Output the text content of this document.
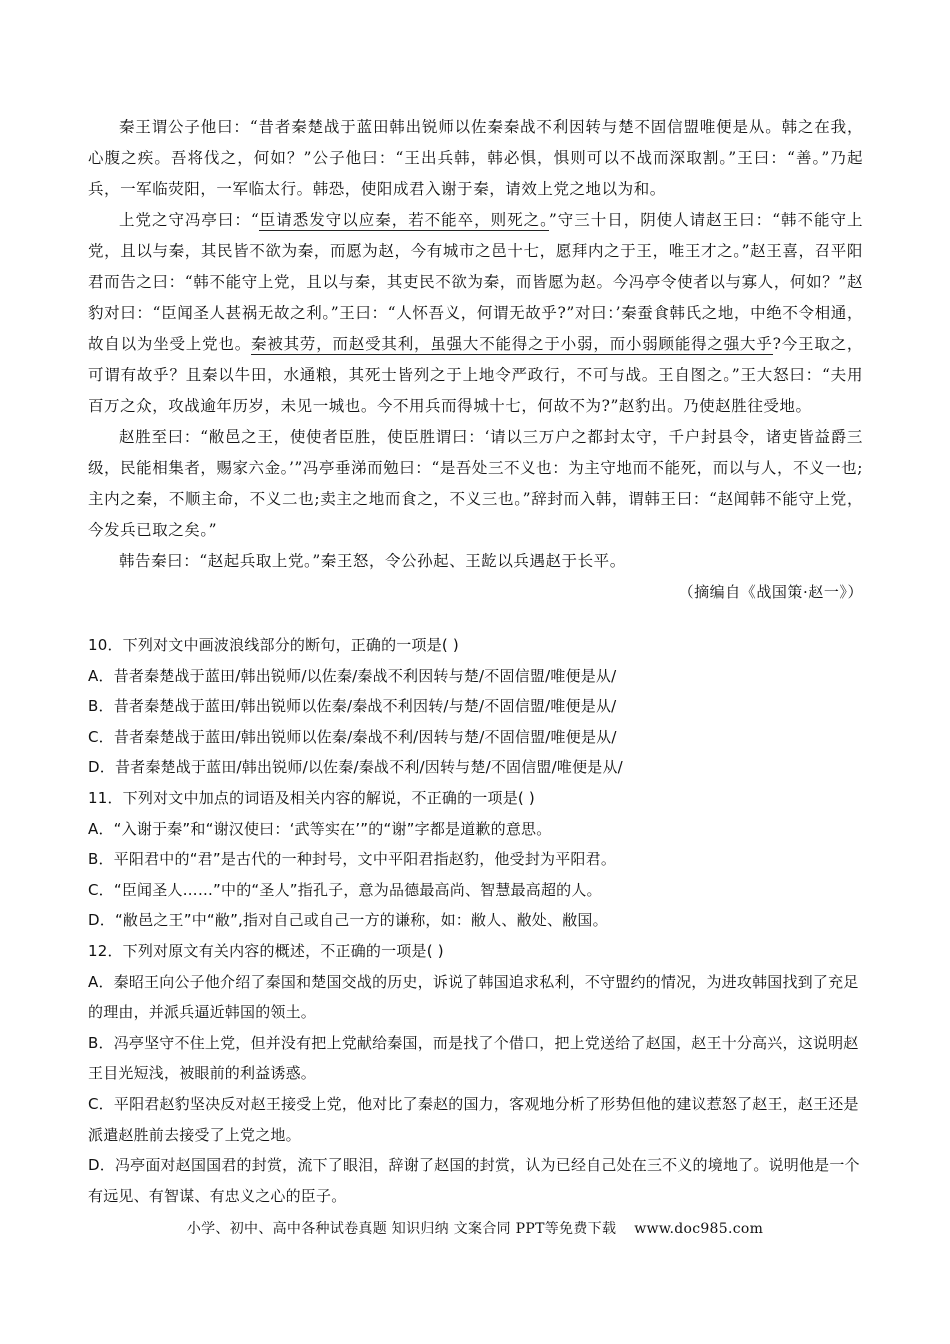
秦王谓公子他曰：“昔者秦楚战于蓝田韩出锐师以佐秦秦战不利因转与楚不固信盟唯便是从。韩之在我，心腹之疾。吾将伐之，何如？”公子他曰：“王出兵韩，韩必惧，惧则可以不战而深取割。”王曰：“善。”乃起兵，一军临荧阳，一军临太行。韩恐，使阳成君入谢于秦，请效上党之地以为和。

上党之守冯亭曰：“臣请悉发守以应秦，若不能卒，则死之。”守三十日，阴使人请赵王曰：“韩不能守上党，且以与秦，其民皆不欲为秦，而愿为赵，今有城市之邑十七，愿拜内之于王，唯王才之。”赵王喜，召平阳君而告之曰：“韩不能守上党，且以与秦，其吏民不欲为秦，而皆愿为赵。今冯亭令使者以与寡人，何如？”赵豹对曰：“臣闻圣人甚祸无故之利。”王曰：“人怀吾义，何谓无故乎?”对曰：’秦蚕食韩氏之地，中绝不令相通，故自以为坐受上党也。秦被其劳，而赵受其利，虽强大不能得之于小弱，而小弱顾能得之强大乎?今王取之，可谓有故乎？且秦以牛田，水通粮，其死士皆列之于上地令严政行，不可与战。王自图之。”王大怒曰：“夫用百万之众，攻战逾年历岁，未见一城也。今不用兵而得城十七，何故不为?”赵豹出。乃使赵胜往受地。

赵胜至曰：“敝邑之王，使使者臣胜，使臣胜谓曰：‘请以三万户之都封太守，千户封县令，诸吏皆益爵三级，民能相集者，赐家六金。’”冯亭垂涕而勉曰：“是吾处三不义也：为主守地而不能死，而以与人，不义一也;主内之秦，不顺主命，不义二也;卖主之地而食之，不义三也。”辞封而入韩，谓韩王曰：“赵闻韩不能守上党，今发兵已取之矣。”

韩告秦曰：“赵起兵取上党。”秦王怒，令公孙起、王龁以兵遇赵于长平。

（摘编自《战国策·赵一》）
10．下列对文中画波浪线部分的断句，正确的一项是( )
A．昔者秦楚战于蓝田/韩出锐师/以佐秦/秦战不利因转与楚/不固信盟/唯便是从/
B．昔者秦楚战于蓝田/韩出锐师以佐秦/秦战不利因转/与楚/不固信盟/唯便是从/
C．昔者秦楚战于蓝田/韩出锐师以佐秦/秦战不利/因转与楚/不固信盟/唯便是从/
D．昔者秦楚战于蓝田/韩出锐师/以佐秦/秦战不利/因转与楚/不固信盟/唯便是从/
11．下列对文中加点的词语及相关内容的解说，不正确的一项是( )
A．“入谢于秦”和“谢汉使曰：‘武等实在’”的“谢”字都是道歉的意思。
B．平阳君中的“君”是古代的一种封号，文中平阳君指赵豹，他受封为平阳君。
C．“臣闻圣人……”中的“圣人”指孔子，意为品德最高尚、智慧最高超的人。
D．“敝邑之王”中“敝”,指对自己或自己一方的谦称，如：敝人、敝处、敝国。
12．下列对原文有关内容的概述，不正确的一项是( )
A．秦昭王向公子他介绍了秦国和楚国交战的历史，诉说了韩国追求私利，不守盟约的情况，为进攻韩国找到了充足的理由，并派兵逼近韩国的领土。
B．冯亭坚守不住上党，但并没有把上党献给秦国，而是找了个借口，把上党送给了赵国，赵王十分高兴，这说明赵王目光短浅，被眼前的利益诱惑。
C．平阳君赵豹坚决反对赵王接受上党，他对比了秦赵的国力，客观地分析了形势但他的建议惹怒了赵王，赵王还是派遣赵胜前去接受了上党之地。
D．冯亭面对赵国国君的封赏，流下了眼泪，辞谢了赵国的封赏，认为已经自己处在三不义的境地了。说明他是一个有远见、有智谋、有忠义之心的臣子。
小学、初中、高中各种试卷真题 知识归纳 文案合同 PPT等免费下载 www.doc985.com
